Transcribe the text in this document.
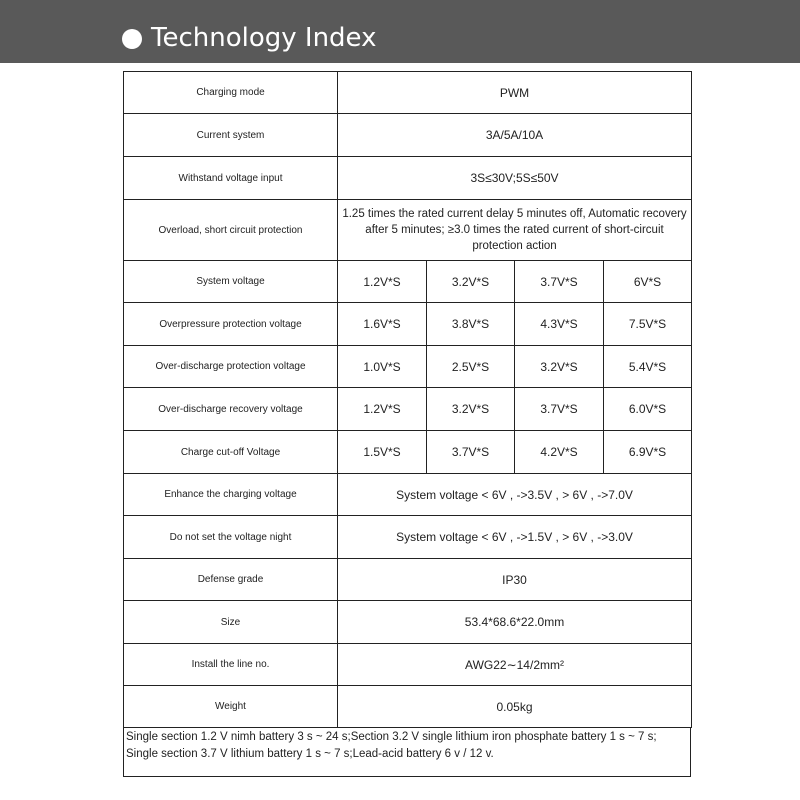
Technology Index
Charging mode	PWM			
Current system	3A/5A/10A			
Withstand voltage input	3S≤30V;5S≤50V			
Overload, short circuit protection	1.25 times the rated current delay 5 minutes off, Automatic recovery after 5 minutes; ≥3.0 times the rated current of short-circuit protection action			
System voltage	1.2V*S	3.2V*S	3.7V*S	6V*S
Overpressure protection voltage	1.6V*S	3.8V*S	4.3V*S	7.5V*S
Over-discharge protection voltage	1.0V*S	2.5V*S	3.2V*S	5.4V*S
Over-discharge recovery voltage	1.2V*S	3.2V*S	3.7V*S	6.0V*S
Charge cut-off Voltage	1.5V*S	3.7V*S	4.2V*S	6.9V*S
Enhance the charging voltage	System voltage < 6V , ->3.5V , > 6V , ->7.0V			
Do not set the voltage night	System voltage < 6V , ->1.5V , > 6V , ->3.0V			
Defense grade	IP30			
Size	53.4*68.6*22.0mm			
Install the line no.	AWG22∼14/2mm²			
Weight	0.05kg			
Single section 1.2 V nimh battery 3 s ~ 24 s;Section 3.2 V single lithium iron phosphate battery 1 s ~ 7 s;
Single section 3.7 V lithium battery 1 s ~ 7 s;Lead-acid battery 6 v / 12 v.
